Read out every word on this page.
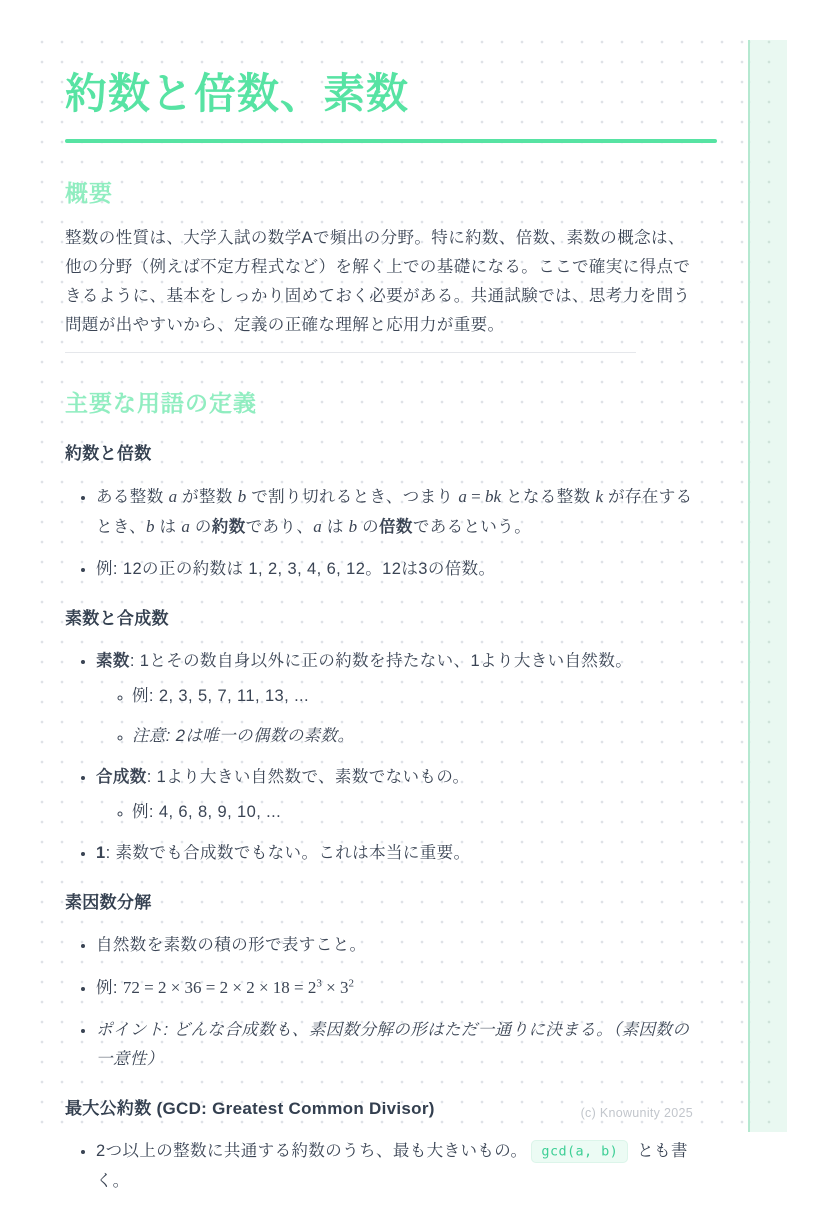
約数と倍数、素数
概要

整数の性質は、大学入試の数学Aで頻出の分野。特に約数、倍数、素数の概念は、他の分野（例えば不定方程式など）を解く上での基礎になる。ここで確実に得点できるように、基本をしっかり固めておく必要がある。共通試験では、思考力を問う問題が出やすいから、定義の正確な理解と応用力が重要。

主要な用語の定義
約数と倍数
• ある整数 a が整数 b で割り切れるとき、つまり a = bk となる整数 k が存在するとき、b は a の約数であり、a は b の倍数であるという。
• 例: 12の正の約数は 1, 2, 3, 4, 6, 12。12は3の倍数。
素数と合成数
• 素数: 1とその数自身以外に正の約数を持たない、1より大きい自然数。
◦ 例: 2, 3, 5, 7, 11, 13, ...
◦ 注意: 2は唯一の偶数の素数。
• 合成数: 1より大きい自然数で、素数でないもの。
◦ 例: 4, 6, 8, 9, 10, ...
• 1: 素数でも合成数でもない。これは本当に重要。
素因数分解
• 自然数を素数の積の形で表すこと。
• 例: $72 = 2 \times 36 = 2 \times 2 \times 18 = 2^3 \times 3^2$
• ポイント: どんな合成数も、素因数分解の形はただ一通りに決まる。（素因数の一意性）
最大公約数 (GCD: Greatest Common Divisor)
• 2つ以上の整数に共通する約数のうち、最も大きいもの。 gcd(a, b) とも書く。
(c) Knowunity 2025
